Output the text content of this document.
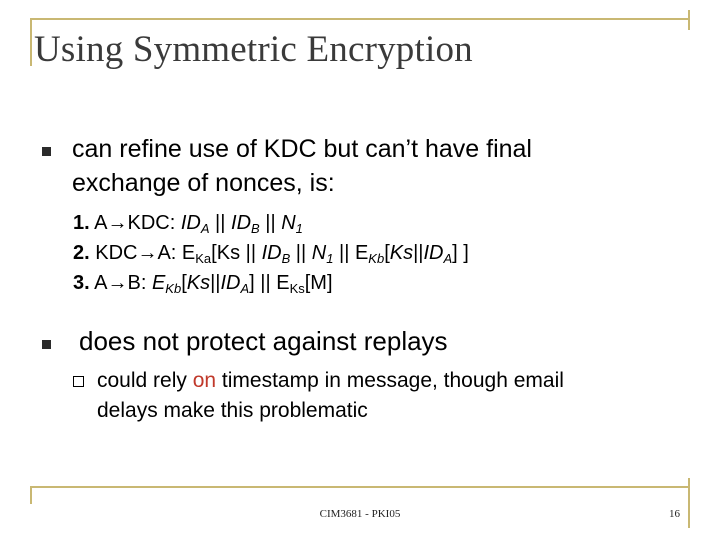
Using Symmetric Encryption
can refine use of KDC but can’t have final
exchange of nonces, is:
1. A→KDC: $ID_A$ || $ID_B$ || $N_1$
2. KDC→A: $E_{Ka}[Ks$ || $ID_B$ || $N_1$ || $E_{Kb}[Ks||ID_A]$ ]
3. A→B: $E_{Kb}[Ks||ID_A]$ || $E_{Ks}[M]$
does not protect against replays
could rely on timestamp in message, though email
delays make this problematic
CIM3681 - PKI05	16
